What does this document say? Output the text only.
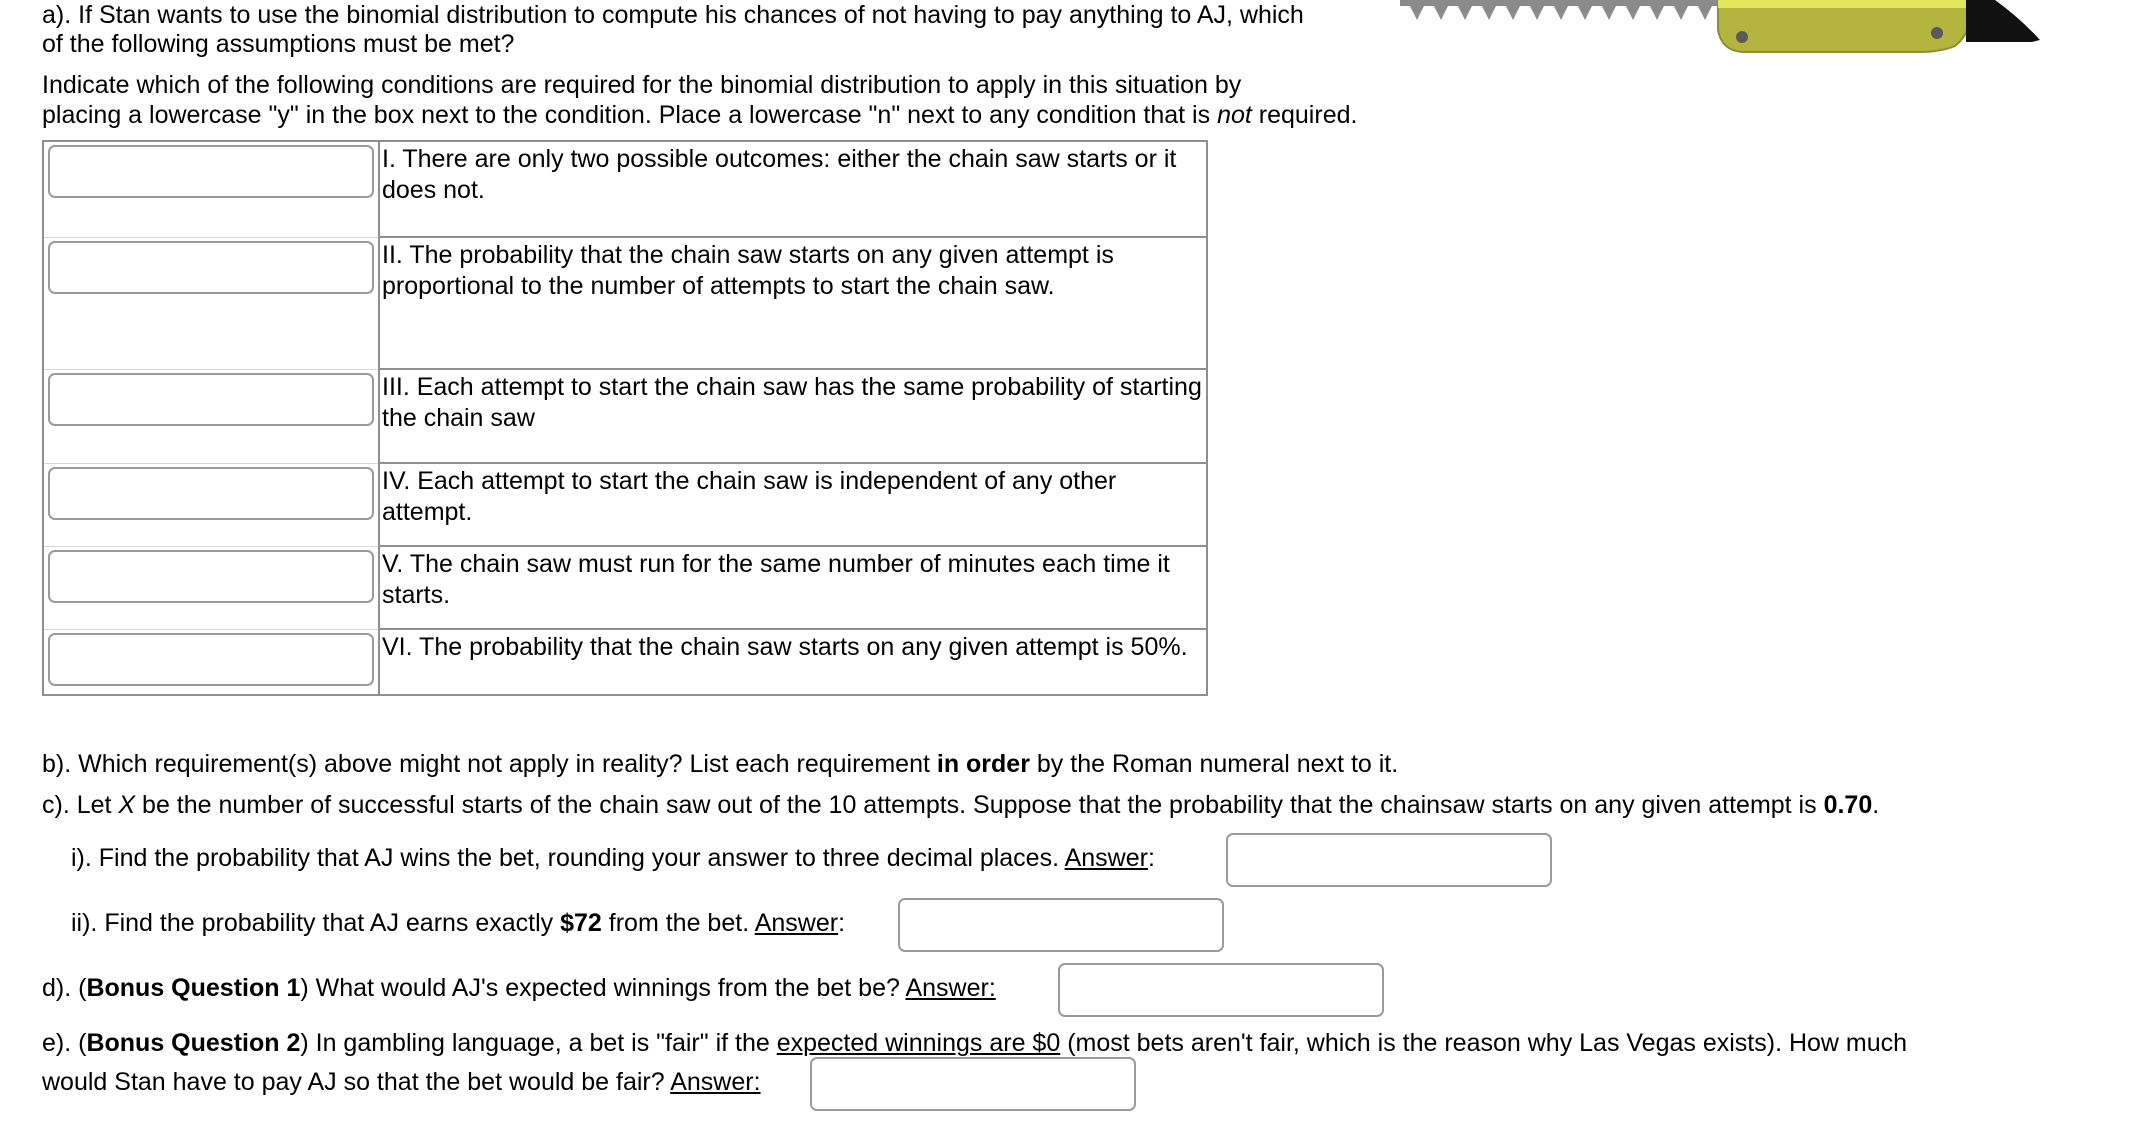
a). If Stan wants to use the binomial distribution to compute his chances of not having to pay anything to AJ, which

of the following assumptions must be met?

Indicate which of the following conditions are required for the binomial distribution to apply in this situation by

placing a lowercase "y" in the box next to the condition. Place a lowercase "n" next to any condition that is not required.

I. There are only two possible outcomes: either the chain saw starts or it does not.

II. The probability that the chain saw starts on any given attempt is proportional to the number of attempts to start the chain saw.

III. Each attempt to start the chain saw has the same probability of starting the chain saw

IV. Each attempt to start the chain saw is independent of any other attempt.

V. The chain saw must run for the same number of minutes each time it starts.

VI. The probability that the chain saw starts on any given attempt is 50%.

b). Which requirement(s) above might not apply in reality? List each requirement in order by the Roman numeral next to it.

c). Let X be the number of successful starts of the chain saw out of the 10 attempts. Suppose that the probability that the chainsaw starts on any given attempt is 0.70.

i). Find the probability that AJ wins the bet, rounding your answer to three decimal places. Answer:

ii). Find the probability that AJ earns exactly $72 from the bet. Answer:

d). (Bonus Question 1) What would AJ's expected winnings from the bet be? Answer:

e). (Bonus Question 2) In gambling language, a bet is "fair" if the expected winnings are $0 (most bets aren't fair, which is the reason why Las Vegas exists). How much

would Stan have to pay AJ so that the bet would be fair? Answer:
